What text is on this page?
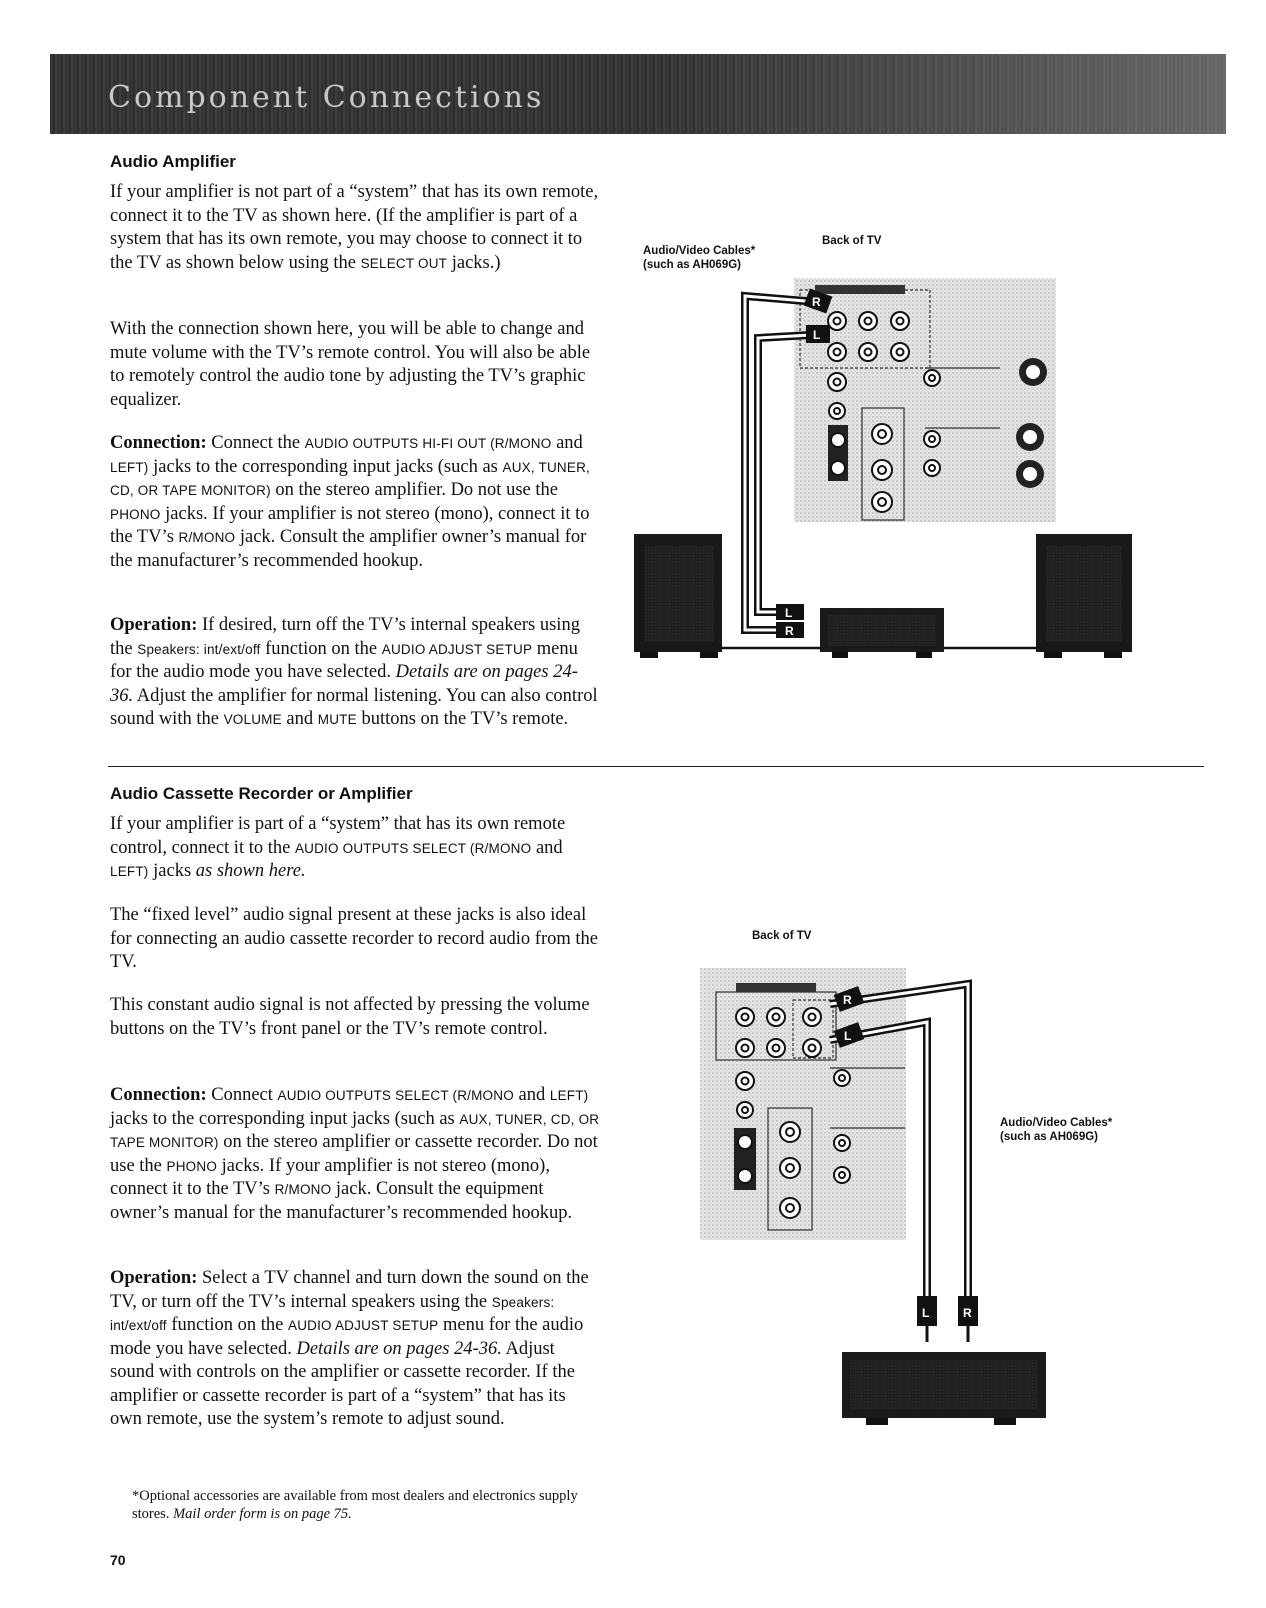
Component Connections
Audio Amplifier

If your amplifier is not part of a “system” that has its own remote, connect it to the TV as shown here. (If the amplifier is part of a system that has its own remote, you may choose to connect it to the TV as shown below using the SELECT OUT jacks.)

With the connection shown here, you will be able to change and mute volume with the TV’s remote control. You will also be able to remotely control the audio tone by adjusting the TV’s graphic equalizer.

Connection: Connect the AUDIO OUTPUTS HI-FI OUT (R/MONO and LEFT) jacks to the corresponding input jacks (such as AUX, TUNER, CD, OR TAPE MONITOR) on the stereo amplifier. Do not use the PHONO jacks. If your amplifier is not stereo (mono), connect it to the TV’s R/MONO jack. Consult the amplifier owner’s manual for the manufacturer’s recommended hookup.

Operation: If desired, turn off the TV’s internal speakers using the Speakers: int/ext/off function on the AUDIO ADJUST SETUP menu for the audio mode you have selected. Details are on pages 24-36. Adjust the amplifier for normal listening. You can also control sound with the VOLUME and MUTE buttons on the TV’s remote.

Audio Cassette Recorder or Amplifier

If your amplifier is part of a “system” that has its own remote control, connect it to the AUDIO OUTPUTS SELECT (R/MONO and LEFT) jacks as shown here.

The “fixed level” audio signal present at these jacks is also ideal for connecting an audio cassette recorder to record audio from the TV.

This constant audio signal is not affected by pressing the volume buttons on the TV’s front panel or the TV’s remote control.

Connection: Connect AUDIO OUTPUTS SELECT (R/MONO and LEFT) jacks to the corresponding input jacks (such as AUX, TUNER, CD, OR TAPE MONITOR) on the stereo amplifier or cassette recorder. Do not use the PHONO jacks. If your amplifier is not stereo (mono), connect it to the TV’s R/MONO jack. Consult the equipment owner’s manual for the manufacturer’s recommended hookup.

Operation: Select a TV channel and turn down the sound on the TV, or turn off the TV’s internal speakers using the Speakers: int/ext/off function on the AUDIO ADJUST SETUP menu for the audio mode you have selected. Details are on pages 24-36. Adjust sound with controls on the amplifier or cassette recorder. If the amplifier or cassette recorder is part of a “system” that has its own remote, use the system’s remote to adjust sound.

*Optional accessories are available from most dealers and electronics supply stores. Mail order form is on page 75.
70
Audio/Video Cables*
(such as AH069G)
Back of TV
Back of TV
Audio/Video Cables*
(such as AH069G)
R
L
L
R
R
L
L	R
